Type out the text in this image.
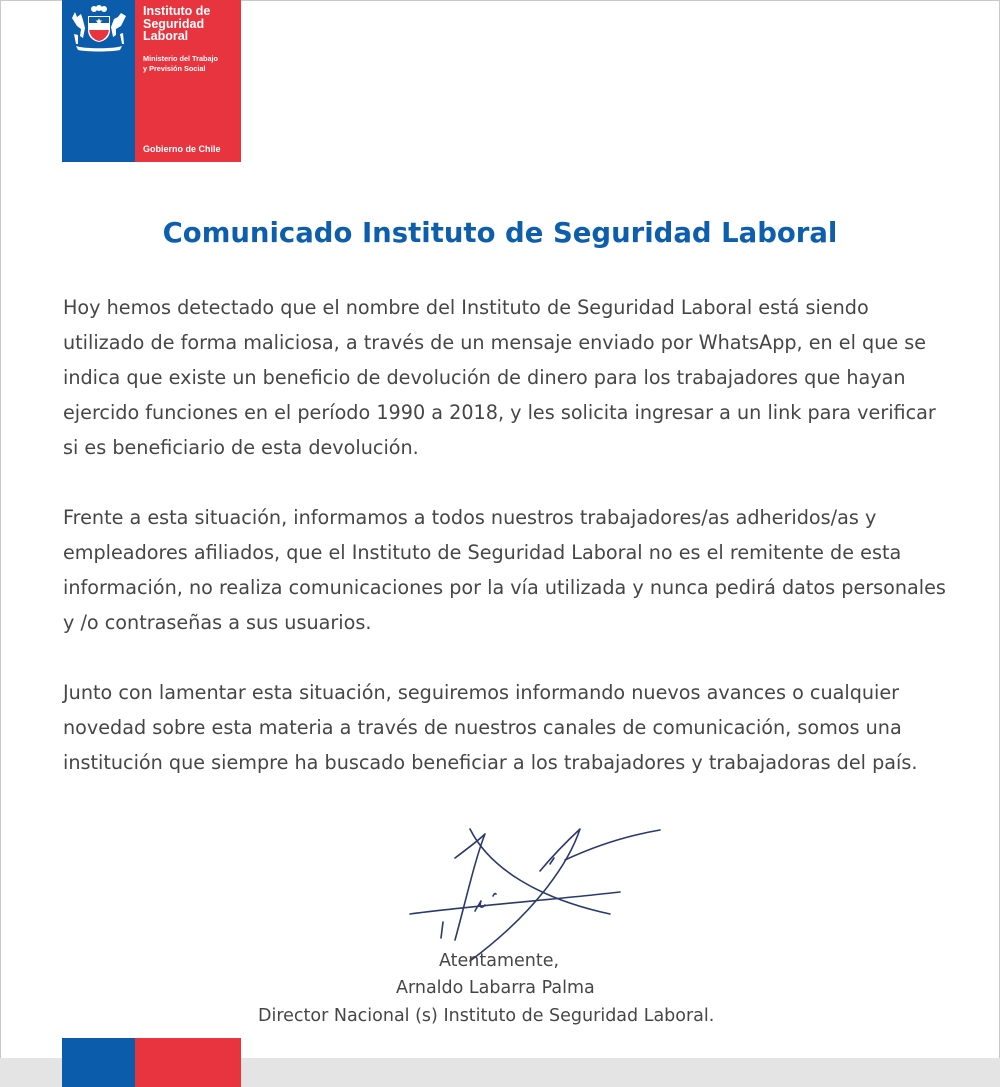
Instituto de
Seguridad
Laboral
Ministerio del Trabajo
y Previsión Social
Gobierno de Chile
Comunicado Instituto de Seguridad Laboral

Hoy hemos detectado que el nombre del Instituto de Seguridad Laboral está siendo utilizado de forma maliciosa, a través de un mensaje enviado por WhatsApp, en el que se indica que existe un beneficio de devolución de dinero para los trabajadores que hayan ejercido funciones en el período 1990 a 2018, y les solicita ingresar a un link para verificar si es beneficiario de esta devolución.

Frente a esta situación, informamos a todos nuestros trabajadores/as adheridos/as y empleadores afiliados, que el Instituto de Seguridad Laboral no es el remitente de esta información, no realiza comunicaciones por la vía utilizada y nunca pedirá datos personales y /o contraseñas a sus usuarios.

Junto con lamentar esta situación, seguiremos informando nuevos avances o cualquier novedad sobre esta materia a través de nuestros canales de comunicación, somos una institución que siempre ha buscado beneficiar a los trabajadores y trabajadoras del país.

Atentamente,
Arnaldo Labarra Palma
Director Nacional (s) Instituto de Seguridad Laboral.
